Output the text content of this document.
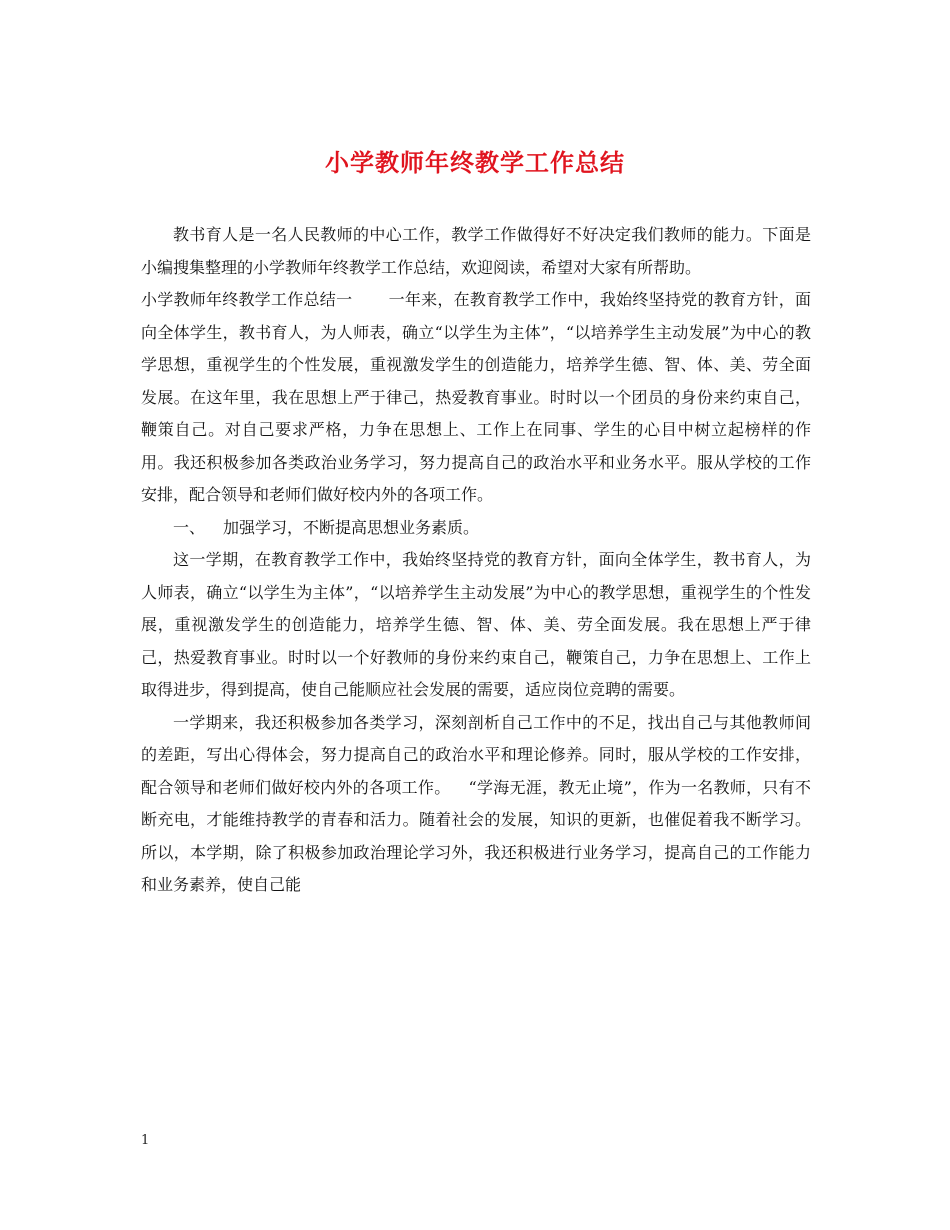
小学教师年终教学工作总结

教书育人是一名人民教师的中心工作，教学工作做得好不好决定我们教师的能力。下面是小编搜集整理的小学教师年终教学工作总结，欢迎阅读，希望对大家有所帮助。

小学教师年终教学工作总结一 一年来，在教育教学工作中，我始终坚持党的教育方针，面向全体学生，教书育人，为人师表，确立“以学生为主体”，“以培养学生主动发展”为中心的教学思想，重视学生的个性发展，重视激发学生的创造能力，培养学生德、智、体、美、劳全面发展。在这年里，我在思想上严于律己，热爱教育事业。时时以一个团员的身份来约束自己，鞭策自己。对自己要求严格，力争在思想上、工作上在同事、学生的心目中树立起榜样的作用。我还积极参加各类政治业务学习，努力提高自己的政治水平和业务水平。服从学校的工作安排，配合领导和老师们做好校内外的各项工作。

一、 加强学习，不断提高思想业务素质。

这一学期，在教育教学工作中，我始终坚持党的教育方针，面向全体学生，教书育人，为人师表，确立“以学生为主体”，“以培养学生主动发展”为中心的教学思想，重视学生的个性发展，重视激发学生的创造能力，培养学生德、智、体、美、劳全面发展。我在思想上严于律己，热爱教育事业。时时以一个好教师的身份来约束自己，鞭策自己，力争在思想上、工作上取得进步，得到提高，使自己能顺应社会发展的需要，适应岗位竞聘的需要。

一学期来，我还积极参加各类学习，深刻剖析自己工作中的不足，找出自己与其他教师间的差距，写出心得体会，努力提高自己的政治水平和理论修养。同时，服从学校的工作安排，配合领导和老师们做好校内外的各项工作。 “学海无涯，教无止境”，作为一名教师，只有不断充电，才能维持教学的青春和活力。随着社会的发展，知识的更新，也催促着我不断学习。所以，本学期，除了积极参加政治理论学习外，我还积极进行业务学习，提高自己的工作能力和业务素养，使自己能

1
